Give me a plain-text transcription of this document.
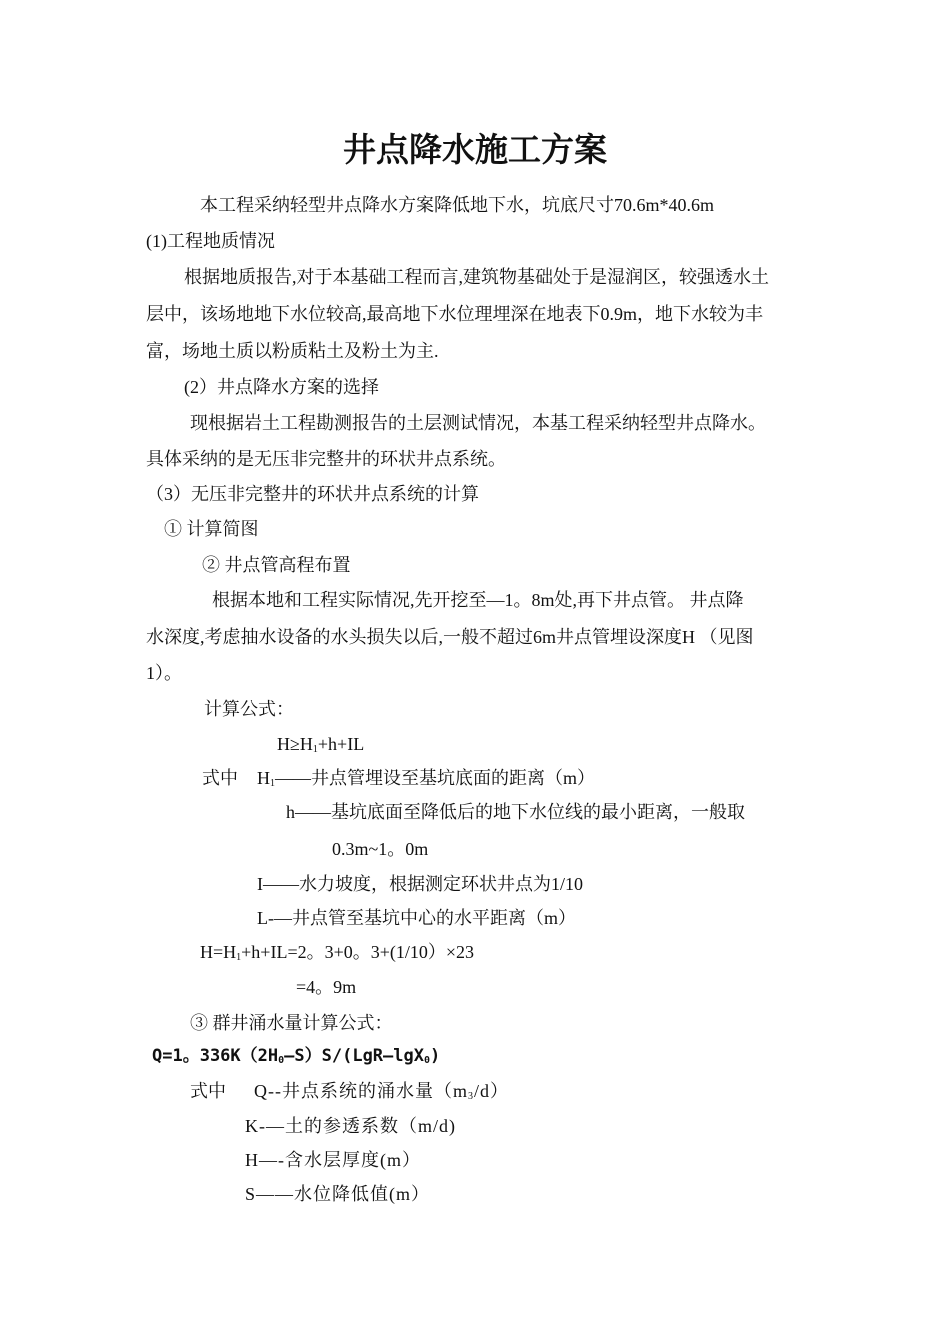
井点降水施工方案
本工程采纳轻型井点降水方案降低地下水，坑底尺寸70.6m*40.6m
(1)工程地质情况
根据地质报告,对于本基础工程而言,建筑物基础处于是湿润区，较强透水土
层中，该场地地下水位较高,最高地下水位理埋深在地表下0.9m，地下水较为丰
富，场地土质以粉质粘土及粉土为主.
(2）井点降水方案的选择
现根据岩土工程勘测报告的土层测试情况，本基工程采纳轻型井点降水。
具体采纳的是无压非完整井的环状井点系统。
（3）无压非完整井的环状井点系统的计算
① 计算简图
② 井点管高程布置
根据本地和工程实际情况,先开挖至—1。8m处,再下井点管。 井点降
水深度,考虑抽水设备的水头损失以后,一般不超过6m井点管埋设深度H （见图
1）。
计算公式：
$H\ge H_1+h+IL$
式中 $H_1——$井点管埋设至基坑底面的距离（m）
h——基坑底面至降低后的地下水位线的最小距离，一般取
0.3m~1。0m
I——水力坡度，根据测定环状井点为1/10
L-—井点管至基坑中心的水平距离（m）
$H=H_1+h+IL=2$。3+0。3+(1/10）×23
=4。9m
③ 群井涌水量计算公式：
Q=1。$336K(2H_0—S)S/(LgR—\lg X_0)$
式中 Q--井点系统的涌水量$(m_3/d)$
K-—土的参透系数（m/d)
H—-含水层厚度(m）
S——水位降低值(m）
